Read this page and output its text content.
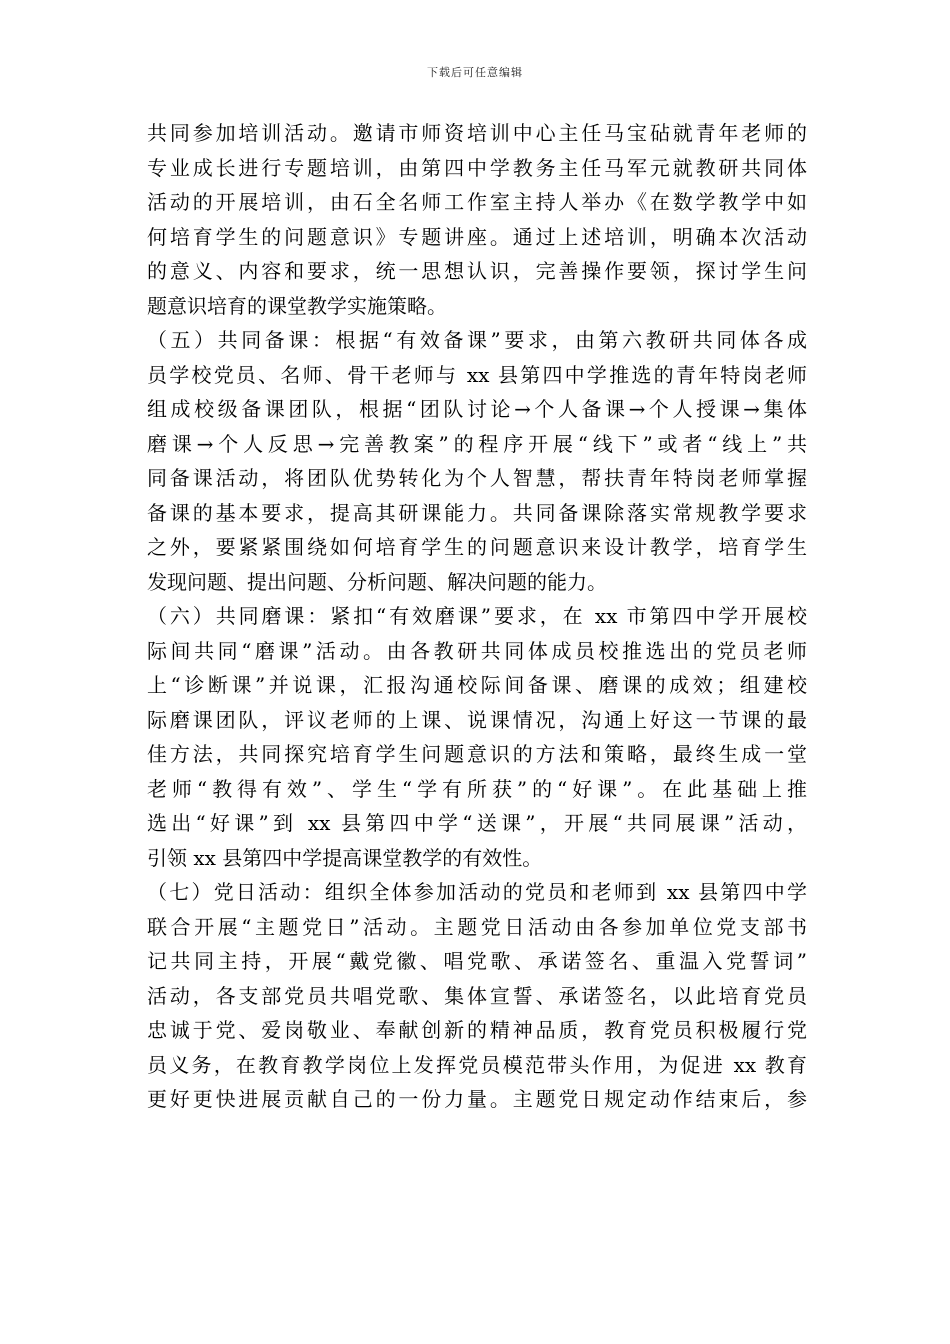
下载后可任意编辑
共同参加培训活动。邀请市师资培训中心主任马宝砧就青年老师的
专业成长进行专题培训，由第四中学教务主任马军元就教研共同体
活动的开展培训，由石全名师工作室主持人举办《在数学教学中如
何培育学生的问题意识》专题讲座。通过上述培训，明确本次活动
的意义、内容和要求，统一思想认识，完善操作要领，探讨学生问
题意识培育的课堂教学实施策略。
（五）共同备课：根据“有效备课”要求，由第六教研共同体各成
员学校党员、名师、骨干老师与 xx 县第四中学推选的青年特岗老师
组成校级备课团队，根据“团队讨论→个人备课→个人授课→集体
磨课→个人反思→完善教案”的程序开展“线下”或者“线上”共
同备课活动，将团队优势转化为个人智慧，帮扶青年特岗老师掌握
备课的基本要求，提高其研课能力。共同备课除落实常规教学要求
之外，要紧紧围绕如何培育学生的问题意识来设计教学，培育学生
发现问题、提出问题、分析问题、解决问题的能力。
（六）共同磨课：紧扣“有效磨课”要求，在 xx 市第四中学开展校
际间共同“磨课”活动。由各教研共同体成员校推选出的党员老师
上“诊断课”并说课，汇报沟通校际间备课、磨课的成效；组建校
际磨课团队，评议老师的上课、说课情况，沟通上好这一节课的最
佳方法，共同探究培育学生问题意识的方法和策略，最终生成一堂
老师“教得有效”、学生“学有所获”的“好课”。在此基础上推
选出“好课”到 xx 县第四中学“送课”，开展“共同展课”活动，
引领 xx 县第四中学提高课堂教学的有效性。
（七）党日活动：组织全体参加活动的党员和老师到 xx 县第四中学
联合开展“主题党日”活动。主题党日活动由各参加单位党支部书
记共同主持，开展“戴党徽、唱党歌、承诺签名、重温入党誓词”
活动，各支部党员共唱党歌、集体宣誓、承诺签名，以此培育党员
忠诚于党、爱岗敬业、奉献创新的精神品质，教育党员积极履行党
员义务，在教育教学岗位上发挥党员模范带头作用，为促进 xx 教育
更好更快进展贡献自己的一份力量。主题党日规定动作结束后，参
